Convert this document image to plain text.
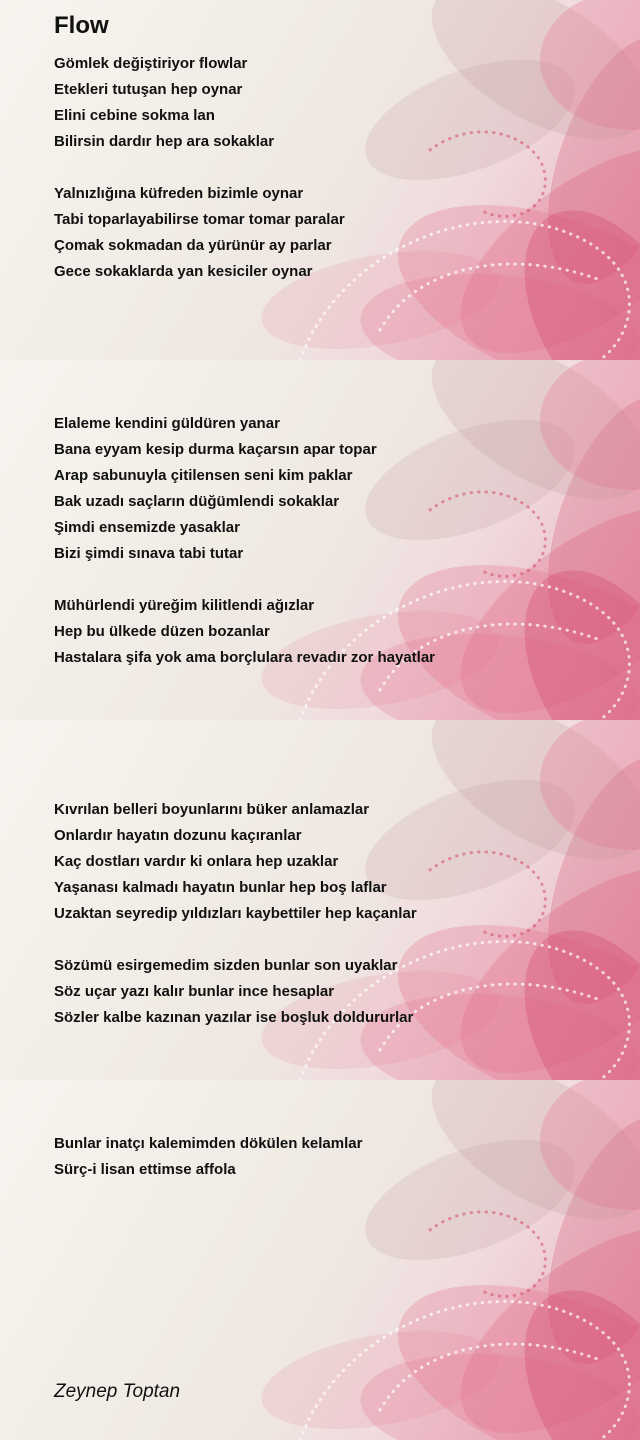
Flow
Gömlek değiştiriyor flowlar
Etekleri tutuşan hep oynar
Elini cebine sokma lan
Bilirsin dardır hep ara sokaklar
Yalnızlığına küfreden bizimle oynar
Tabi toparlayabilirse tomar tomar paralar
Çomak sokmadan da yürünür ay parlar
Gece sokaklarda yan kesiciler oynar
Elaleme kendini güldüren yanar
Bana eyyam kesip durma kaçarsın apar topar
Arap sabunuyla çitilensen seni kim paklar
Bak uzadı saçların düğümlendi sokaklar
Şimdi ensemizde yasaklar
Bizi şimdi sınava tabi tutar
Mühürlendi yüreğim kilitlendi ağızlar
Hep bu ülkede düzen bozanlar
Hastalara şifa yok ama borçlulara revadır zor hayatlar
Kıvrılan belleri boyunlarını büker anlamazlar
Onlardır hayatın dozunu kaçıranlar
Kaç dostları vardır ki onlara hep uzaklar
Yaşanası kalmadı hayatın bunlar hep boş laflar
Uzaktan seyredip yıldızları kaybettiler hep kaçanlar
Sözümü esirgemedim sizden bunlar son uyaklar
Söz uçar yazı kalır bunlar ince hesaplar
Sözler kalbe kazınan yazılar ise boşluk doldururlar
Bunlar inatçı kalemimden dökülen kelamlar
Sürç-i lisan ettimse affola
Zeynep Toptan
